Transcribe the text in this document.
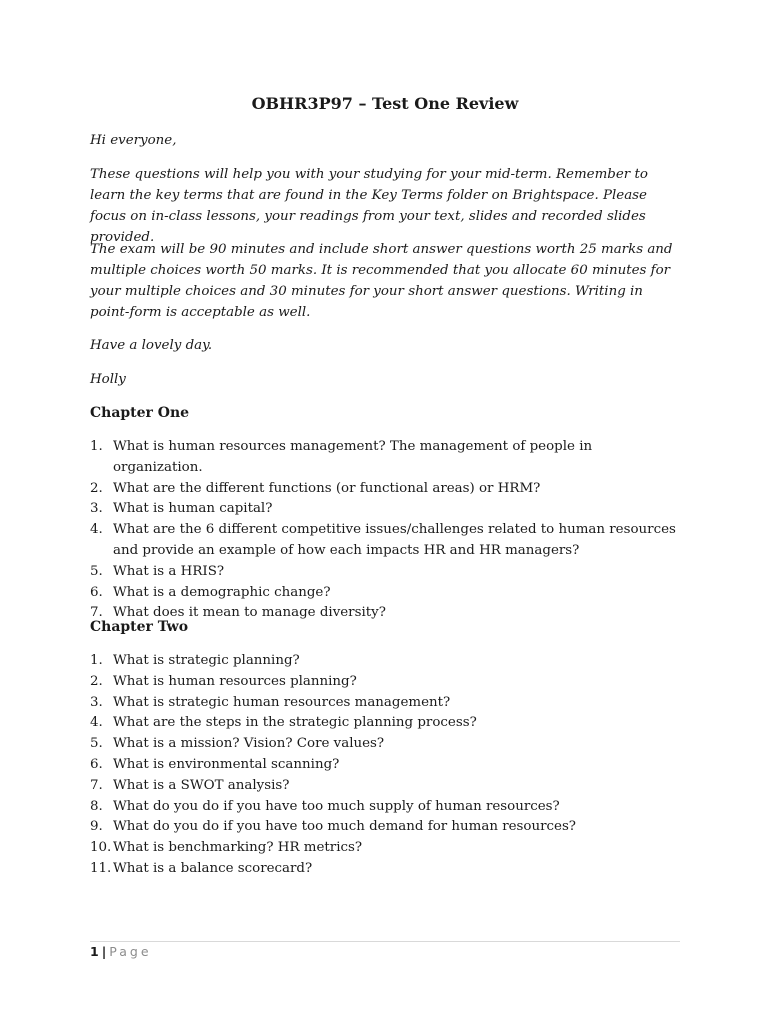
OBHR3P97 – Test One Review

Hi everyone,

These questions will help you with your studying for your mid-term. Remember to learn the key terms that are found in the Key Terms folder on Brightspace. Please focus on in-class lessons, your readings from your text, slides and recorded slides provided.

The exam will be 90 minutes and include short answer questions worth 25 marks and multiple choices worth 50 marks. It is recommended that you allocate 60 minutes for your multiple choices and 30 minutes for your short answer questions. Writing in point-form is acceptable as well.

Have a lovely day.

Holly

Chapter One
1. What is human resources management? The management of people in organization.
2. What are the different functions (or functional areas) or HRM?
3. What is human capital?
4. What are the 6 different competitive issues/challenges related to human resources and provide an example of how each impacts HR and HR managers?
5. What is a HRIS?
6. What is a demographic change?
7. What does it mean to manage diversity?
Chapter Two
1. What is strategic planning?
2. What is human resources planning?
3. What is strategic human resources management?
4. What are the steps in the strategic planning process?
5. What is a mission? Vision? Core values?
6. What is environmental scanning?
7. What is a SWOT analysis?
8. What do you do if you have too much supply of human resources?
9. What do you do if you have too much demand for human resources?
10. What is benchmarking? HR metrics?
11. What is a balance scorecard?
1 | Page
